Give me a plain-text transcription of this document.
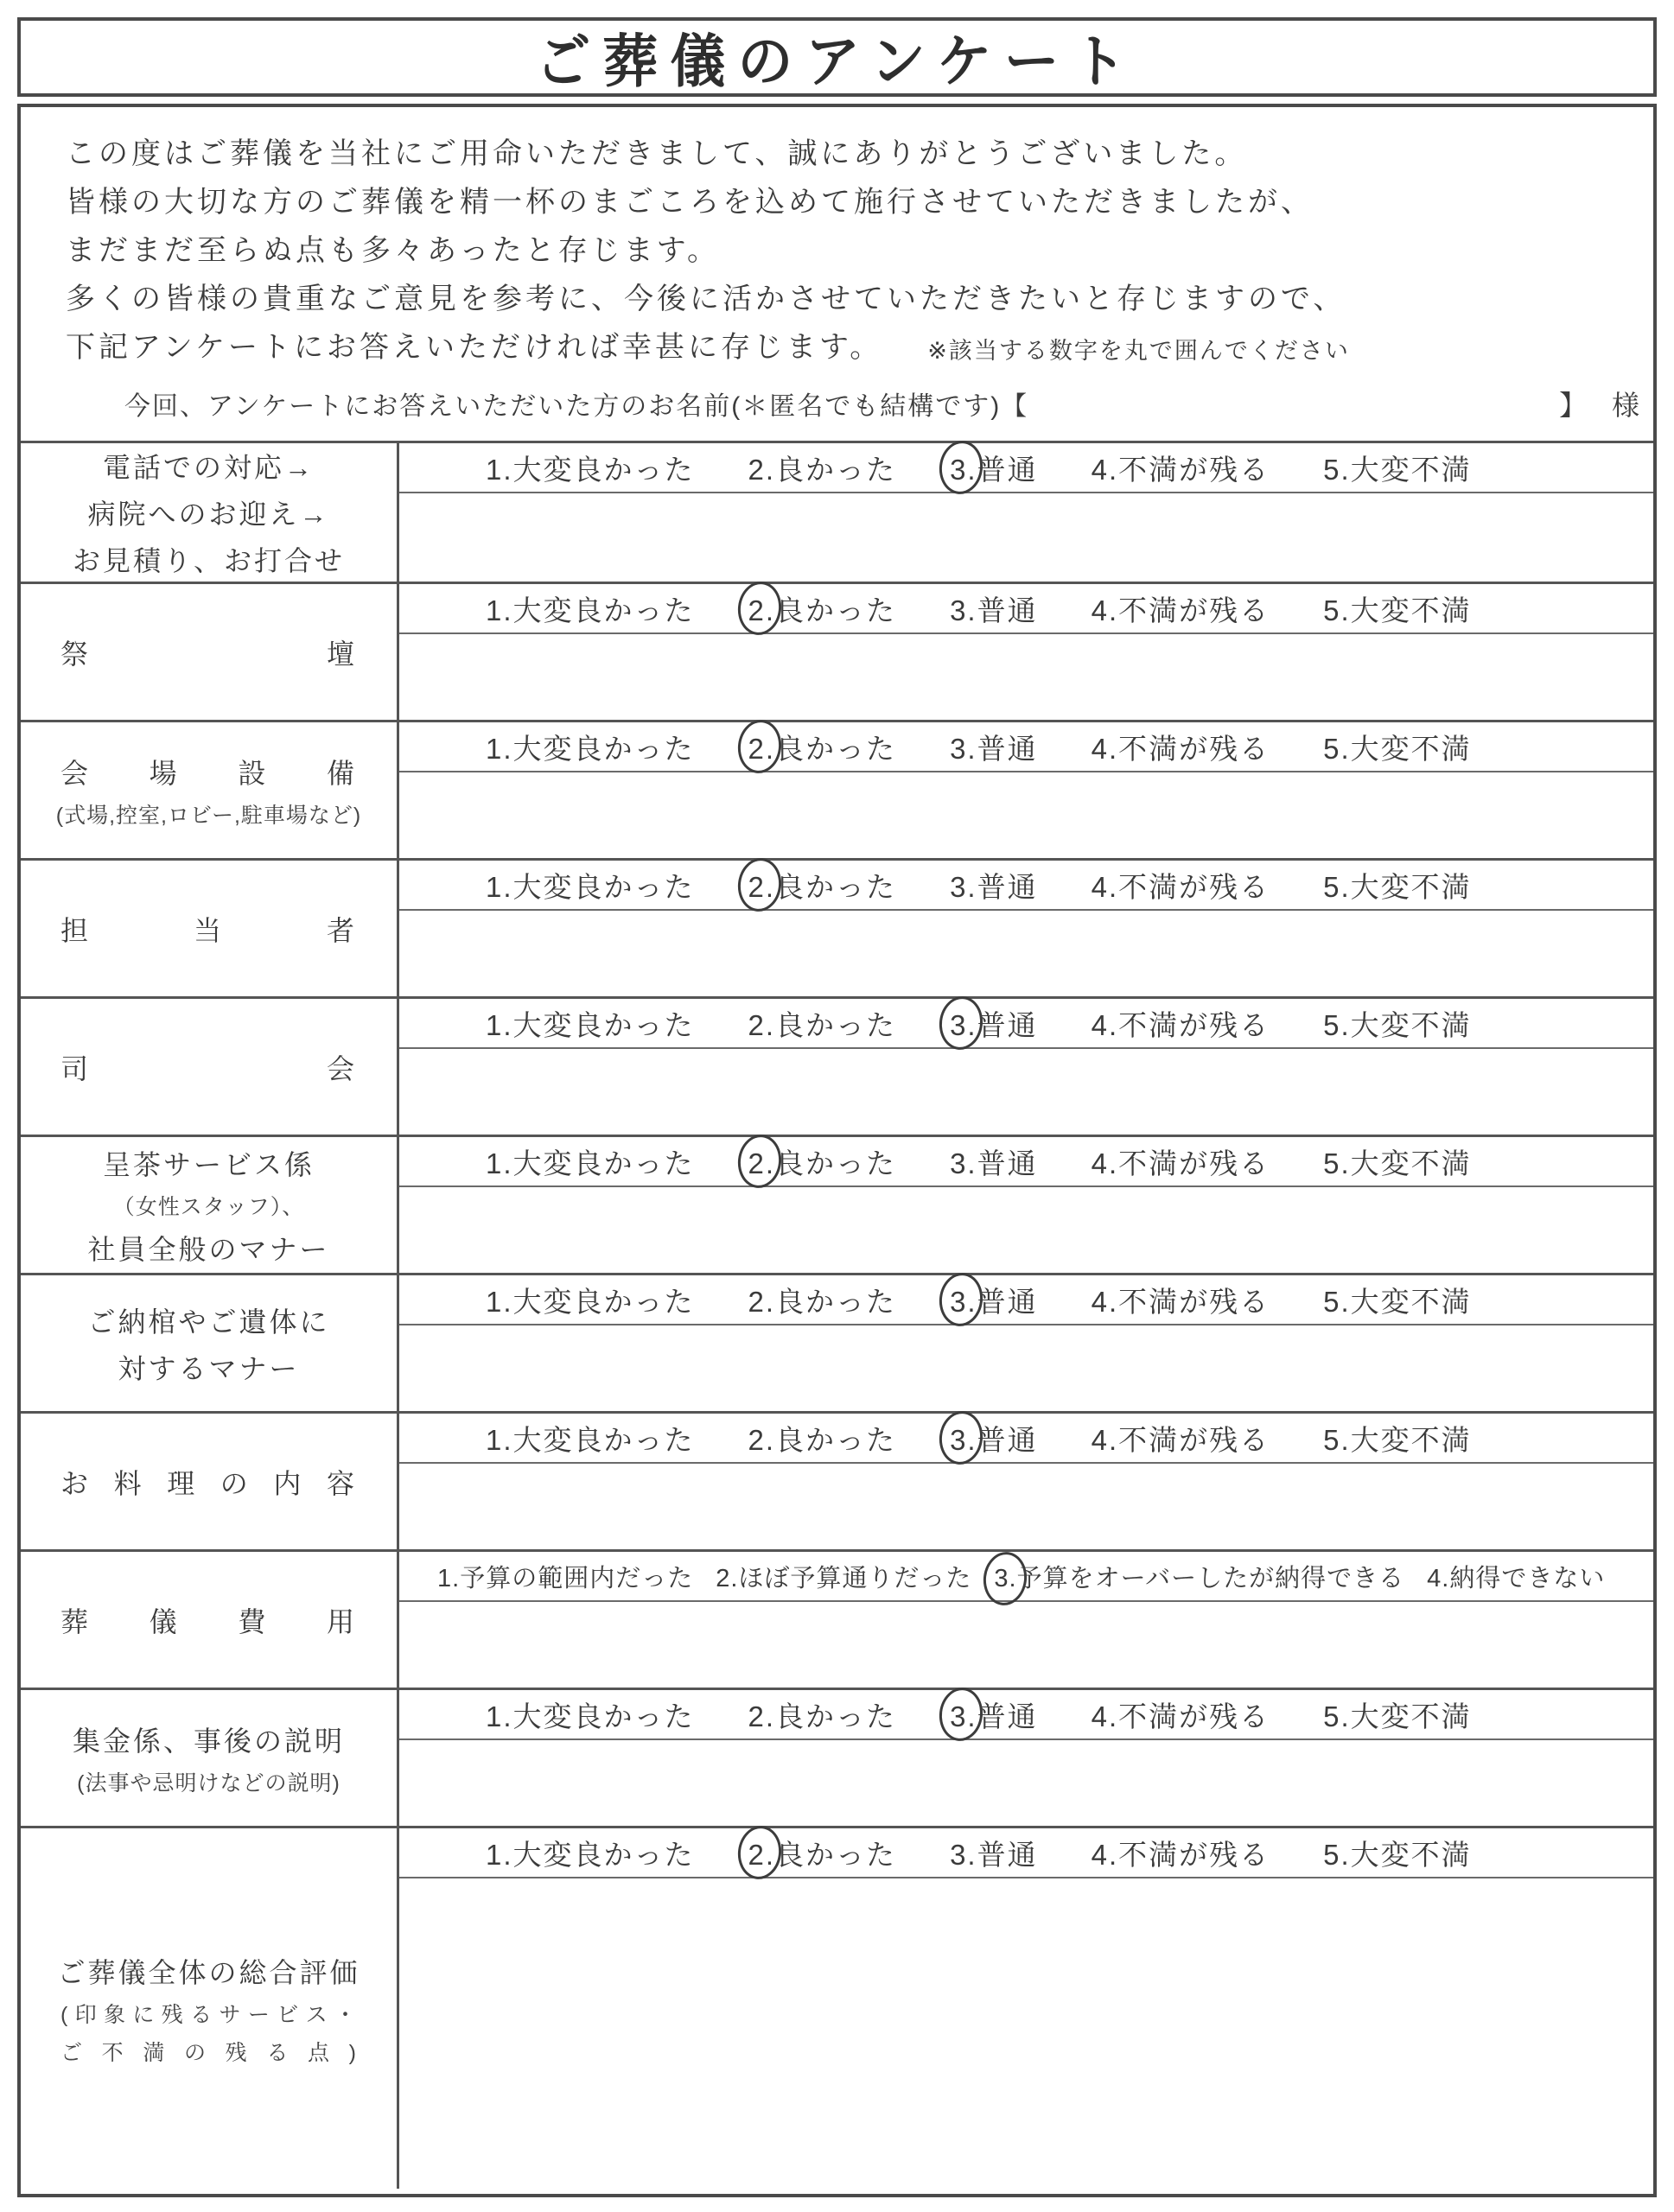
ご葬儀のアンケート
この度はご葬儀を当社にご用命いただきまして、誠にありがとうございました。
皆様の大切な方のご葬儀を精一杯のまごころを込めて施行させていただきましたが、
まだまだ至らぬ点も多々あったと存じます。
多くの皆様の貴重なご意見を参考に、今後に活かさせていただきたいと存じますので、
下記アンケートにお答えいただければ幸甚に存じます。 ※該当する数字を丸で囲んでください
今回、アンケートにお答えいただいた方のお名前(＊匿名でも結構です)【	】 様
電話での対応→
病院へのお迎え→
お見積り、お打合せ
1.大変良かった 2.良かった 3
.普通 4.不満が残る 5.大変不満
祭壇
1.大変良かった 2
.良かった 3.普通 4.不満が残る 5.大変不満
会場設備
(式場,控室,ロビー,駐車場など)
1.大変良かった 2
.良かった 3.普通 4.不満が残る 5.大変不満
担当者
1.大変良かった 2
.良かった 3.普通 4.不満が残る 5.大変不満
司会
1.大変良かった 2.良かった 3
.普通 4.不満が残る 5.大変不満
呈茶サービス係
（女性スタッフ）、
社員全般のマナー
1.大変良かった 2
.良かった 3.普通 4.不満が残る 5.大変不満
ご納棺やご遺体に
対するマナー
1.大変良かった 2.良かった 3
.普通 4.不満が残る 5.大変不満
お料理の内容
1.大変良かった 2.良かった 3
.普通 4.不満が残る 5.大変不満
葬儀費用
1.予算の範囲内だった 2.ほぼ予算通りだった 3
.予算をオーバーしたが納得できる 4.納得できない
集金係、事後の説明
(法事や忌明けなどの説明)
1.大変良かった 2.良かった 3
.普通 4.不満が残る 5.大変不満
ご葬儀全体の総合評価
(印象に残るサービス・
ご不満の残る点)
1.大変良かった 2
.良かった 3.普通 4.不満が残る 5.大変不満
